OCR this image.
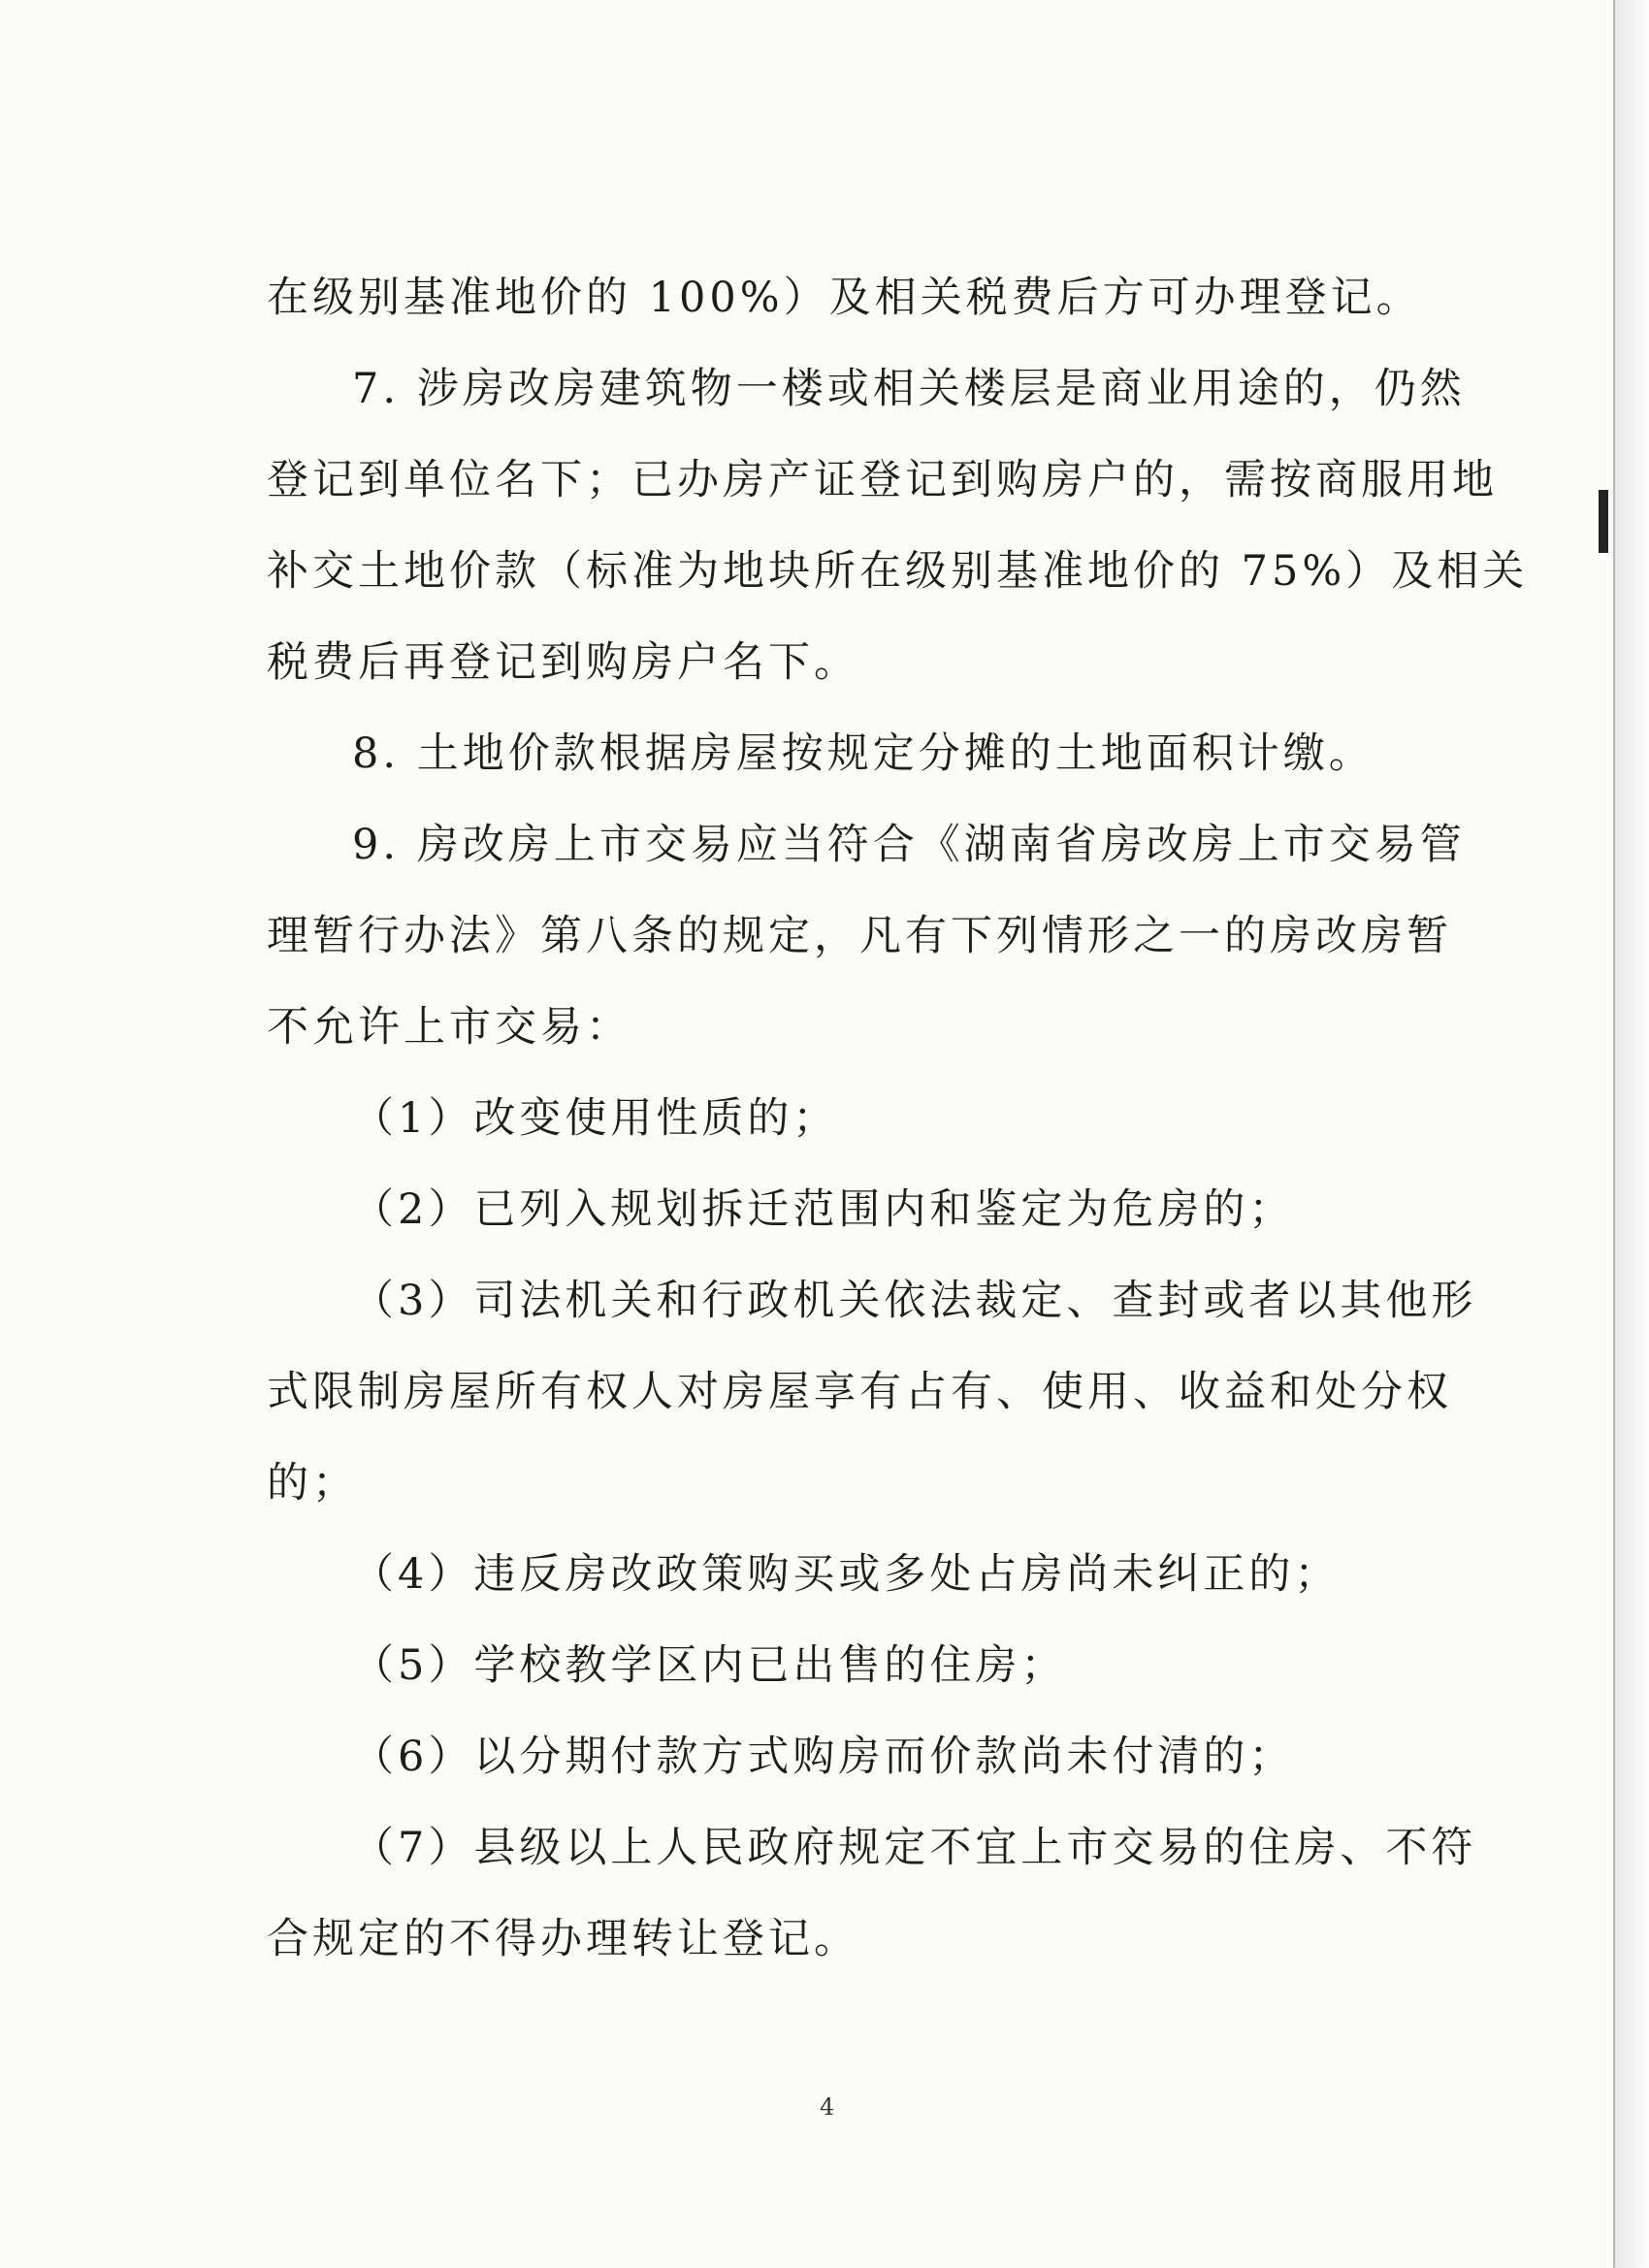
在级别基准地价的 100%）及相关税费后方可办理登记。
7. 涉房改房建筑物一楼或相关楼层是商业用途的，仍然
登记到单位名下；已办房产证登记到购房户的，需按商服用地
补交土地价款（标准为地块所在级别基准地价的 75%）及相关
税费后再登记到购房户名下。
8. 土地价款根据房屋按规定分摊的土地面积计缴。
9. 房改房上市交易应当符合《湖南省房改房上市交易管
理暂行办法》第八条的规定，凡有下列情形之一的房改房暂
不允许上市交易：
（1）改变使用性质的；
（2）已列入规划拆迁范围内和鉴定为危房的；
（3）司法机关和行政机关依法裁定、查封或者以其他形
式限制房屋所有权人对房屋享有占有、使用、收益和处分权
的；
（4）违反房改政策购买或多处占房尚未纠正的；
（5）学校教学区内已出售的住房；
（6）以分期付款方式购房而价款尚未付清的；
（7）县级以上人民政府规定不宜上市交易的住房、不符
合规定的不得办理转让登记。
4
